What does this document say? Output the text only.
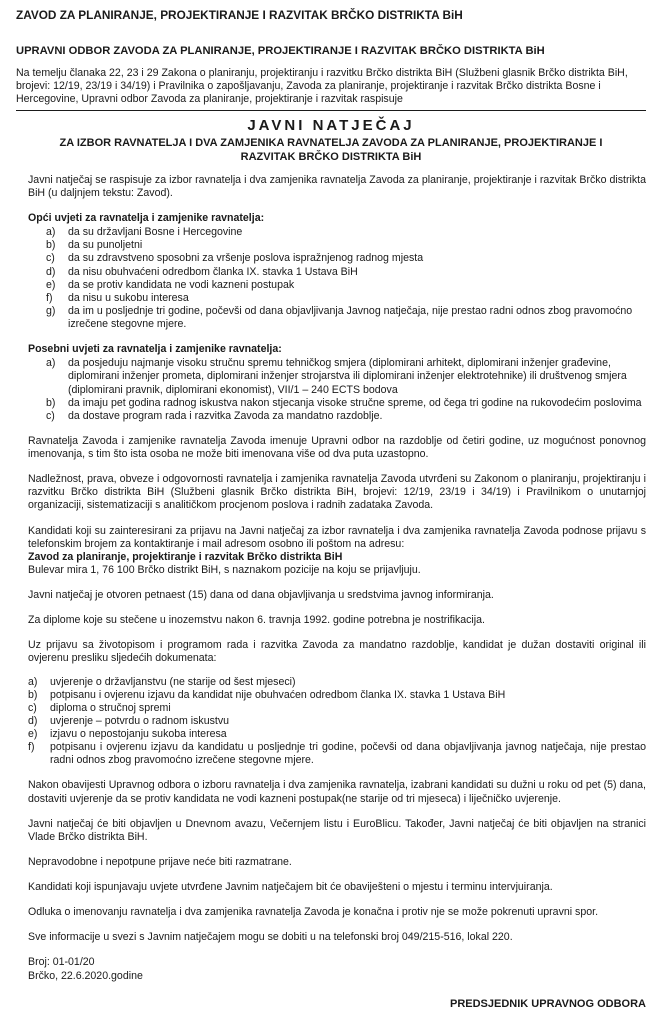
ZAVOD ZA PLANIRANJE, PROJEKTIRANJE I RAZVITAK BRČKO DISTRIKTA BiH
UPRAVNI ODBOR ZAVODA ZA PLANIRANJE, PROJEKTIRANJE I RAZVITAK BRČKO DISTRIKTA BiH

Na temelju članaka 22, 23 i 29 Zakona o planiranju, projektiranju i razvitku Brčko distrikta BiH (Službeni glasnik Brčko distrikta BiH, brojevi: 12/19, 23/19 i 34/19) i Pravilnika o zapošljavanju, Zavoda za planiranje, projektiranje i razvitak Brčko distrikta Bosne i Hercegovine, Upravni odbor Zavoda za planiranje, projektiranje i razvitak raspisuje

JAVNI NATJEČAJ
ZA IZBOR RAVNATELJA I DVA ZAMJENIKA RAVNATELJA ZAVODA ZA PLANIRANJE, PROJEKTIRANJE I RAZVITAK BRČKO DISTRIKTA BiH

Javni natječaj se raspisuje za izbor ravnatelja i dva zamjenika ravnatelja Zavoda za planiranje, projektiranje i razvitak Brčko distrikta BiH (u daljnjem tekstu: Zavod).

Opći uvjeti za ravnatelja i zamjenike ravnatelja:
a)	da su državljani Bosne i Hercegovine
b)	da su punoljetni
c)	da su zdravstveno sposobni za vršenje poslova ispražnjenog radnog mjesta
d)	da nisu obuhvaćeni odredbom članka IX. stavka 1 Ustava BiH
e)	da se protiv kandidata ne vodi kazneni postupak
f)	da nisu u sukobu interesa
g)	da im u posljednje tri godine, počevši od dana objavljivanja Javnog natječaja, nije prestao radni odnos zbog pravomoćno izrečene stegovne mjere.
Posebni uvjeti za ravnatelja i zamjenike ravnatelja:
a)	da posjeduju najmanje visoku stručnu spremu tehničkog smjera (diplomirani arhitekt, diplomirani inženjer građevine, diplomirani inženjer prometa, diplomirani inženjer strojarstva ili diplomirani inženjer elektrotehnike) ili društvenog smjera (diplomirani pravnik, diplomirani ekonomist), VII/1 – 240 ECTS bodova
b)	da imaju pet godina radnog iskustva nakon stjecanja visoke stručne spreme, od čega tri godine na rukovodećim poslovima
c)	da dostave program rada i razvitka Zavoda za mandatno razdoblje.

Ravnatelja Zavoda i zamjenike ravnatelja Zavoda imenuje Upravni odbor na razdoblje od četiri godine, uz mogućnost ponovnog imenovanja, s tim što ista osoba ne može biti imenovana više od dva puta uzastopno.

Nadležnost, prava, obveze i odgovornosti ravnatelja i zamjenika ravnatelja Zavoda utvrđeni su Zakonom o planiranju, projektiranju i razvitku Brčko distrikta BiH (Službeni glasnik Brčko distrikta BiH, brojevi: 12/19, 23/19 i 34/19) i Pravilnikom o unutarnjoj organizaciji, sistematizaciji s analitičkom procjenom poslova i radnih zadataka Zavoda.

Kandidati koji su zainteresirani za prijavu na Javni natječaj za izbor ravnatelja i dva zamjenika ravnatelja Zavoda podnose prijavu s telefonskim brojem za kontaktiranje i mail adresom osobno ili poštom na adresu:

Zavod za planiranje, projektiranje i razvitak Brčko distrikta BiH

Bulevar mira 1, 76 100 Brčko distrikt BiH, s naznakom pozicije na koju se prijavljuju.

Javni natječaj je otvoren petnaest (15) dana od dana objavljivanja u sredstvima javnog informiranja.

Za diplome koje su stečene u inozemstvu nakon 6. travnja 1992. godine potrebna je nostrifikacija.

Uz prijavu sa životopisom i programom rada i razvitka Zavoda za mandatno razdoblje, kandidat je dužan dostaviti original ili ovjerenu presliku sljedećih dokumenata:

a)	uvjerenje o državljanstvu (ne starije od šest mjeseci)
b)	potpisanu i ovjerenu izjavu da kandidat nije obuhvaćen odredbom članka IX. stavka 1 Ustava BiH
c)	diploma o stručnoj spremi
d)	uvjerenje – potvrdu o radnom iskustvu
e)	izjavu o nepostojanju sukoba interesa
f)	potpisanu i ovjerenu izjavu da kandidatu u posljednje tri godine, počevši od dana objavljivanja javnog natječaja, nije prestao radni odnos zbog pravomoćno izrečene stegovne mjere.

Nakon obavijesti Upravnog odbora o izboru ravnatelja i dva zamjenika ravnatelja, izabrani kandidati su dužni u roku od pet (5) dana, dostaviti uvjerenje da se protiv kandidata ne vodi kazneni postupak(ne starije od tri mjeseca) i liječničko uvjerenje.

Javni natječaj će biti objavljen u Dnevnom avazu, Večernjem listu i EuroBlicu. Također, Javni natječaj će biti objavljen na stranici Vlade Brčko distrikta BiH.

Nepravodobne i nepotpune prijave neće biti razmatrane.

Kandidati koji ispunjavaju uvjete utvrđene Javnim natječajem bit će obaviješteni o mjestu i terminu intervjuiranja.

Odluka o imenovanju ravnatelja i dva zamjenika ravnatelja Zavoda je konačna i protiv nje se može pokrenuti upravni spor.

Sve informacije u svezi s Javnim natječajem mogu se dobiti u na telefonski broj 049/215-516, lokal 220.

Broj: 01-01/20

Brčko, 22.6.2020.godine

PREDSJEDNIK UPRAVNOG ODBORA
